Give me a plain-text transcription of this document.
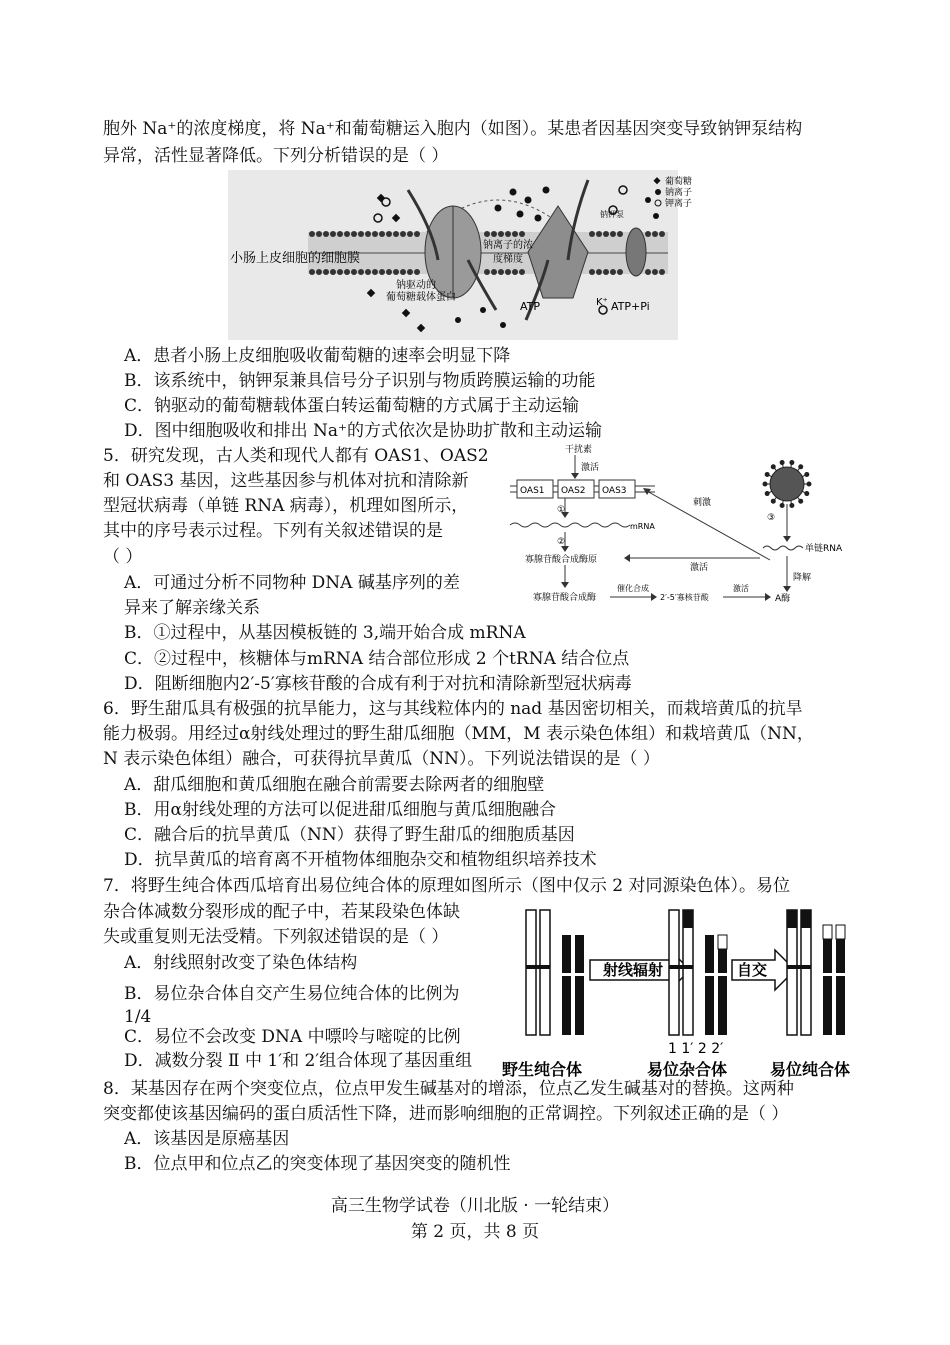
胞外 Na⁺的浓度梯度，将 Na⁺和葡萄糖运入胞内（如图）。某患者因基因突变导致钠钾泵结构
异常，活性显著降低。下列分析错误的是（ ）
葡萄糖
钠离子
钾离子
小肠上皮细胞的细胞膜
钠驱动的
葡萄糖载体蛋白
钠离子的浓
度梯度
钠钾泵
ATP	K⁺ ATP+Pi
A．患者小肠上皮细胞吸收葡萄糖的速率会明显下降
B．该系统中，钠钾泵兼具信号分子识别与物质跨膜运输的功能
C．钠驱动的葡萄糖载体蛋白转运葡萄糖的方式属于主动运输
D．图中细胞吸收和排出 Na⁺的方式依次是协助扩散和主动运输
5．研究发现，古人类和现代人都有 OAS1、OAS2
和 OAS3 基因，这些基因参与机体对抗和清除新
型冠状病毒（单链 RNA 病毒），机理如图所示，
其中的序号表示过程。下列有关叙述错误的是
（ ）
干扰素
激活
OAS1 OAS2 OAS3
刺激
①
mRNA
②
寡腺苷酸合成酶原
激活
③
单链RNA
降解
寡腺苷酸合成酶
催化合成
2′-5′寡核苷酸
激活
A酶
A．可通过分析不同物种 DNA 碱基序列的差
异来了解亲缘关系
B．①过程中，从基因模板链的 3,端开始合成 mRNA
C．②过程中，核糖体与mRNA 结合部位形成 2 个tRNA 结合位点
D．阻断细胞内2′-5′寡核苷酸的合成有利于对抗和清除新型冠状病毒
6．野生甜瓜具有极强的抗旱能力，这与其线粒体内的 nad 基因密切相关，而栽培黄瓜的抗旱
能力极弱。用经过α射线处理过的野生甜瓜细胞（MM，M 表示染色体组）和栽培黄瓜（NN，
N 表示染色体组）融合，可获得抗旱黄瓜（NN）。下列说法错误的是（ ）
A．甜瓜细胞和黄瓜细胞在融合前需要去除两者的细胞壁
B．用α射线处理的方法可以促进甜瓜细胞与黄瓜细胞融合
C．融合后的抗旱黄瓜（NN）获得了野生甜瓜的细胞质基因
D．抗旱黄瓜的培育离不开植物体细胞杂交和植物组织培养技术
7．将野生纯合体西瓜培育出易位纯合体的原理如图所示（图中仅示 2 对同源染色体）。易位
杂合体减数分裂形成的配子中，若某段染色体缺
失或重复则无法受精。下列叙述错误的是（ ）
A．射线照射改变了染色体结构
B．易位杂合体自交产生易位纯合体的比例为
1/4
C．易位不会改变 DNA 中嘌呤与嘧啶的比例
D．减数分裂 Ⅱ 中 1′和 2′组合体现了基因重组
射线辐射	自交
1 1′ 2 2′
野生纯合体	易位杂合体	易位纯合体
8．某基因存在两个突变位点，位点甲发生碱基对的增添，位点乙发生碱基对的替换。这两种
突变都使该基因编码的蛋白质活性下降，进而影响细胞的正常调控。下列叙述正确的是（ ）
A．该基因是原癌基因
B．位点甲和位点乙的突变体现了基因突变的随机性
高三生物学试卷（川北版 · 一轮结束）
第 2 页，共 8 页
